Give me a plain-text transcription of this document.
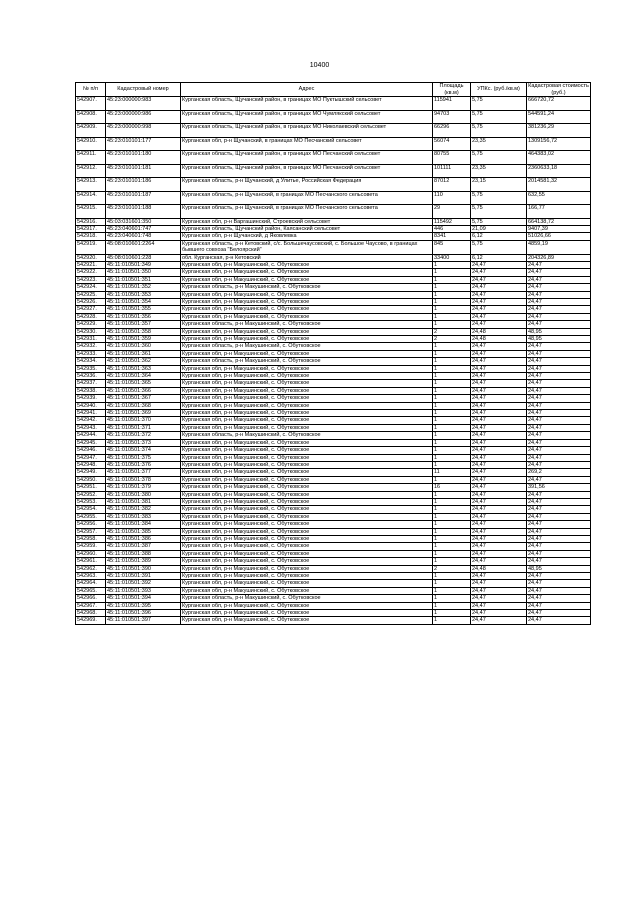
10400
№ п/п	Кадастровый номер	Адрес	Площадь (кв.м)	УПКс. (руб./кв.м)	Кадастровая стоимость (руб.)
542907.	45:23:000000:983	Курганская область, Щучанский район, в границах МО Пуктышский сельсовет	115941	5,75	666720,72
542908.	45:23:000000:986	Курганская область, Щучанский район, в границах МО Чумлякский сельсовет	94703	5,75	544591,24
542909.	45:23:000000:998	Курганская область, Щучанский район, в границах МО Николаевский сельсовет	66296	5,75	381236,29
542910.	45:23:010101:177	Курганская обл, р-н Щучанский, в границах МО Песчанский сельсовет	56074	23,35	1309156,72
542911.	45:23:010101:180	Курганская область, Щучанский район, в границах МО Песчанский сельсовет	80755	5,75	464383,02
542912.	45:23:010101:181	Курганская область, Щучанский район, в границах МО Песчанский сельсовет	101111	23,35	2360633,18
542913.	45:23:010101:186	Курганская область, р-н Щучанский, д Улитье, Российская Федерация	87012	23,15	2014581,32
542914.	45:23:010101:187	Курганская область, р-н Щучанский, в границах МО Песчанского сельсовета	110	5,75	632,55
542915.	45:23:010101:188	Курганская область, р-н Щучанский, в границах МО Песчанского сельсовета	29	5,75	166,77
542916.	45:03:031601:350	Курганская обл, р-н Варгашинский, Строевский сельсовет	115492	5,75	664138,72
542917.	45:23:040601:747	Курганская область, Щучанский район, Каясанский сельсовет	446	21,09	9407,39
542918.	45:23:040601:748	Курганская обл, р-н Щучанский, д Яковлевка	8341	6,12	51026,66
542919.	45:08:010601:2264	Курганская область, р-н Кетовский, с/с. Большечаусовский, с. Большое Чаусово, в границах бывшего совхоза "Белоярский"	845	5,75	4859,19
542920.	45:08:010601:228	обл. Курганская, р-н Кетовский	33400	6,12	204326,89
542921.	45:11:010501:349	Курганская обл, р-н Макушинский, с. Обутковское	1	24,47	24,47
542922.	45:11:010501:350	Курганская обл, р-н Макушинский, с. Обутковское	1	24,47	24,47
542923.	45:11:010501:351	Курганская обл, р-н Макушинский, с. Обутковское	1	24,47	24,47
542924.	45:11:010501:352	Курганская область, р-н Макушинский, с. Обутковское	1	24,47	24,47
542925.	45:11:010501:353	Курганская обл, р-н Макушинский, с. Обутковское	1	24,47	24,47
542926.	45:11:010501:354	Курганская обл, р-н Макушинский, с. Обутковское	1	24,47	24,47
542927.	45:11:010501:355	Курганская обл, р-н Макушинский, с. Обутковское	1	24,47	24,47
542928.	45:11:010501:356	Курганская обл, р-н Макушинский, с. Обутковское	1	24,47	24,47
542929.	45:11:010501:357	Курганская область, р-н Макушинский, с. Обутковское	1	24,47	24,47
542930.	45:11:010501:358	Курганская обл, р-н Макушинский, с. Обутковское	2	24,48	48,95
542931.	45:11:010501:359	Курганская обл, р-н Макушинский, с. Обутковское	2	24,48	48,95
542932.	45:11:010501:360	Курганская область, р-н Макушинский, с. Обутковское	1	24,47	24,47
542933.	45:11:010501:361	Курганская обл, р-н Макушинский, с. Обутковское	1	24,47	24,47
542934.	45:11:010501:362	Курганская область, р-н Макушинский, с. Обутковское	1	24,47	24,47
542935.	45:11:010501:363	Курганская обл, р-н Макушинский, с. Обутковское	1	24,47	24,47
542936.	45:11:010501:364	Курганская обл, р-н Макушинский, с. Обутковское	1	24,47	24,47
542937.	45:11:010501:365	Курганская обл, р-н Макушинский, с. Обутковское	1	24,47	24,47
542938.	45:11:010501:366	Курганская обл, р-н Макушинский, с. Обутковское	1	24,47	24,47
542939.	45:11:010501:367	Курганская обл, р-н Макушинский, с. Обутковское	1	24,47	24,47
542940.	45:11:010501:368	Курганская обл, р-н Макушинский, с. Обутковское	1	24,47	24,47
542941.	45:11:010501:369	Курганская обл, р-н Макушинский, с. Обутковское	1	24,47	24,47
542942.	45:11:010501:370	Курганская обл, р-н Макушинский, с. Обутковское	1	24,47	24,47
542943.	45:11:010501:371	Курганская обл, р-н Макушинский, с. Обутковское	1	24,47	24,47
542944.	45:11:010501:372	Курганская область, р-н Макушинский, с. Обутковское	1	24,47	24,47
542945.	45:11:010501:373	Курганская обл, р-н Макушинский, с. Обутковское	1	24,47	24,47
542946.	45:11:010501:374	Курганская обл, р-н Макушинский, с. Обутковское	1	24,47	24,47
542947.	45:11:010501:375	Курганская обл, р-н Макушинский, с. Обутковское	1	24,47	24,47
542948.	45:11:010501:376	Курганская обл, р-н Макушинский, с. Обутковское	1	24,47	24,47
542949.	45:11:010501:377	Курганская обл, р-н Макушинский, с. Обутковское	11	24,47	269,2
542950.	45:11:010501:378	Курганская обл, р-н Макушинский, с. Обутковское	1	24,47	24,47
542951.	45:11:010501:379	Курганская обл, р-н Макушинский, с. Обутковское	16	24,47	391,56
542952.	45:11:010501:380	Курганская обл, р-н Макушинский, с. Обутковское	1	24,47	24,47
542953.	45:11:010501:381	Курганская обл, р-н Макушинский, с. Обутковское	1	24,47	24,47
542954.	45:11:010501:382	Курганская обл, р-н Макушинский, с. Обутковское	1	24,47	24,47
542955.	45:11:010501:383	Курганская обл, р-н Макушинский, с. Обутковское	1	24,47	24,47
542956.	45:11:010501:384	Курганская обл, р-н Макушинский, с. Обутковское	1	24,47	24,47
542957.	45:11:010501:385	Курганская обл, р-н Макушинский, с. Обутковское	1	24,47	24,47
542958.	45:11:010501:386	Курганская обл, р-н Макушинский, с. Обутковское	1	24,47	24,47
542959.	45:11:010501:387	Курганская обл, р-н Макушинский, с. Обутковское	1	24,47	24,47
542960.	45:11:010501:388	Курганская обл, р-н Макушинский, с. Обутковское	1	24,47	24,47
542961.	45:11:010501:389	Курганская обл, р-н Макушинский, с. Обутковское	1	24,47	24,47
542962.	45:11:010501:390	Курганская обл, р-н Макушинский, с. Обутковское	2	24,48	48,95
542963.	45:11:010501:391	Курганская обл, р-н Макушинский, с. Обутковское	1	24,47	24,47
542964.	45:11:010501:392	Курганская обл, р-н Макушинский, с. Обутковское	1	24,47	24,47
542965.	45:11:010501:393	Курганская обл, р-н Макушинский, с. Обутковское	1	24,47	24,47
542966.	45:11:010501:394	Курганская область, р-н Макушинский, с. Обутковское	1	24,47	24,47
542967.	45:11:010501:395	Курганская обл, р-н Макушинский, с. Обутковское	1	24,47	24,47
542968.	45:11:010501:396	Курганская обл, р-н Макушинский, с. Обутковское	1	24,47	24,47
542969.	45:11:010501:397	Курганская обл, р-н Макушинский, с. Обутковское	1	24,47	24,47
